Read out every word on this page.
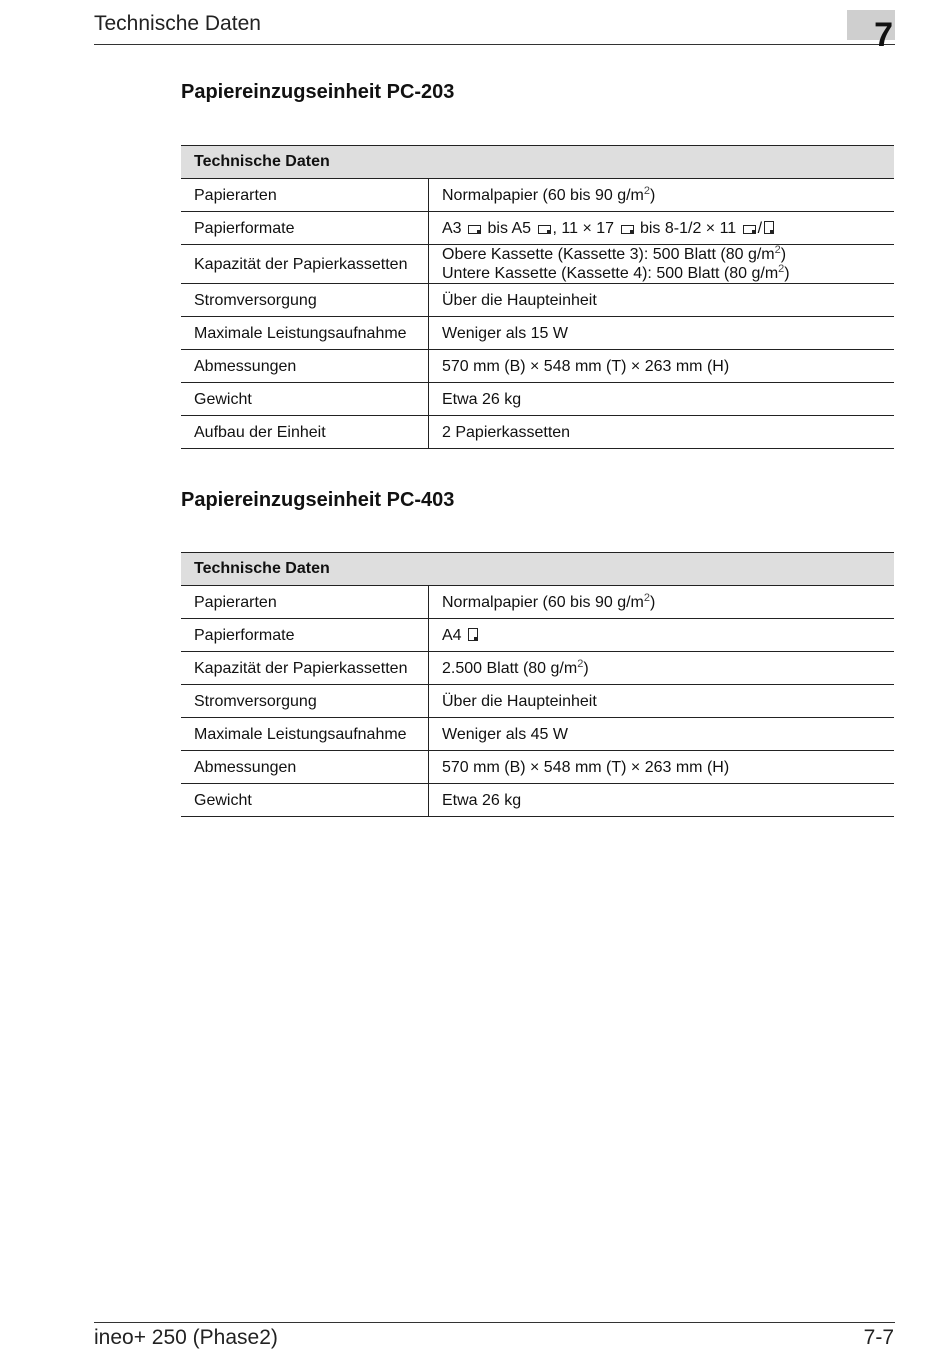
Technische Daten	7
Papiereinzugseinheit PC-203
Technische Daten	
Papierarten	Normalpapier (60 bis 90 $g/m^2$)
Papierformate	A3 bis A5 , 11 × 17 bis 8-1/2 × 11 /
Kapazität der Papierkassetten	Obere Kassette (Kassette 3): 500 Blatt (80 $g/m^2$)
Untere Kassette (Kassette 4): 500 Blatt (80 $g/m^2$)
Stromversorgung	Über die Haupteinheit
Maximale Leistungsaufnahme	Weniger als 15 W
Abmessungen	570 mm (B) × 548 mm (T) × 263 mm (H)
Gewicht	Etwa 26 kg
Aufbau der Einheit	2 Papierkassetten
Papiereinzugseinheit PC-403
Technische Daten	
Papierarten	Normalpapier (60 bis 90 $g/m^2$)
Papierformate	A4
Kapazität der Papierkassetten	2.500 Blatt (80 $g/m^2$)
Stromversorgung	Über die Haupteinheit
Maximale Leistungsaufnahme	Weniger als 45 W
Abmessungen	570 mm (B) × 548 mm (T) × 263 mm (H)
Gewicht	Etwa 26 kg
ineo+ 250 (Phase2)	7-7
